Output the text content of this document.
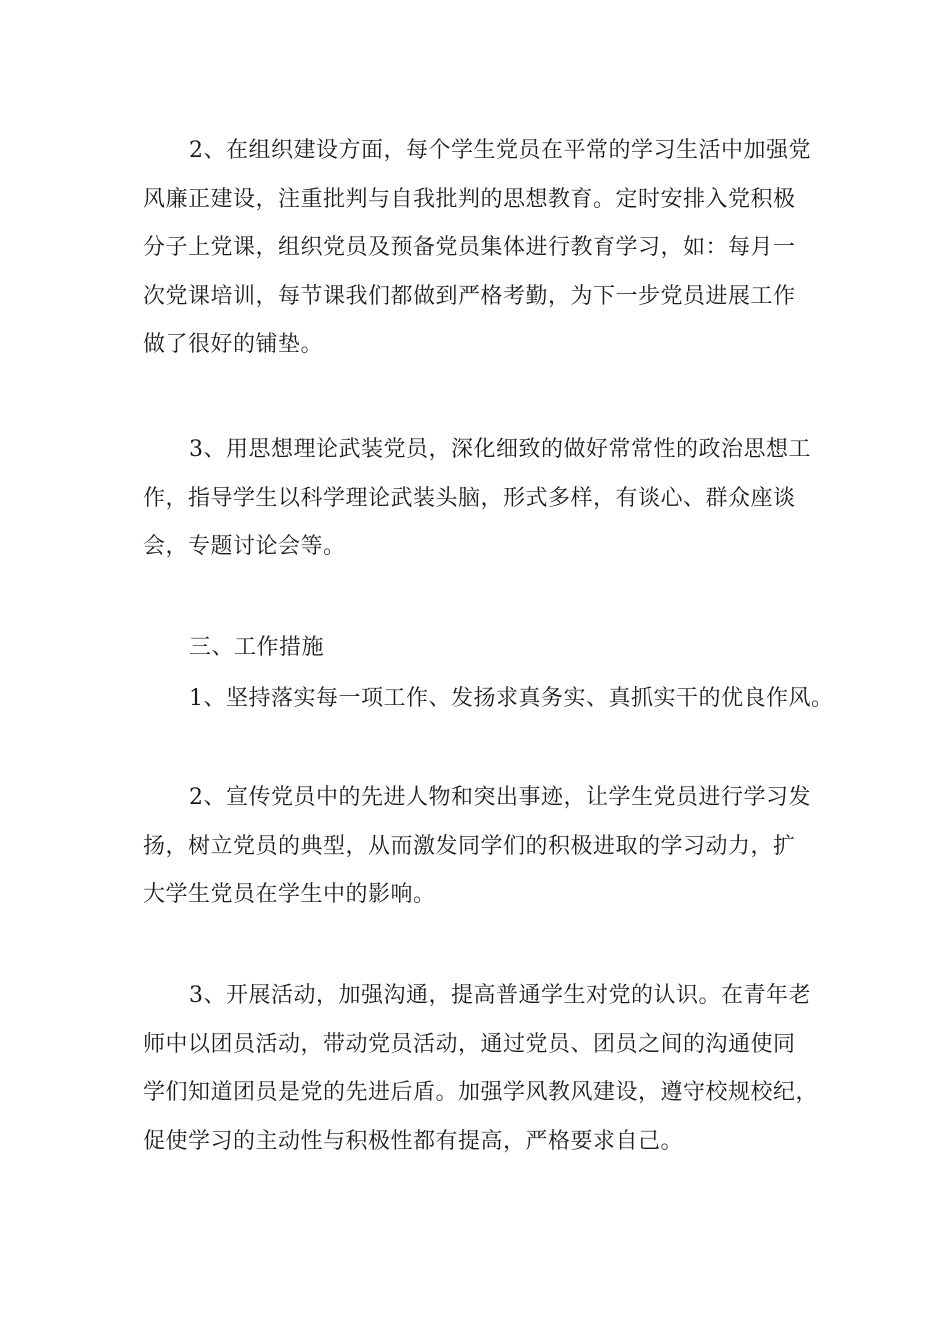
2、在组织建设方面，每个学生党员在平常的学习生活中加强党
风廉正建设，注重批判与自我批判的思想教育。定时安排入党积极
分子上党课，组织党员及预备党员集体进行教育学习，如：每月一
次党课培训，每节课我们都做到严格考勤，为下一步党员进展工作
做了很好的铺垫。

3、用思想理论武装党员，深化细致的做好常常性的政治思想工
作，指导学生以科学理论武装头脑，形式多样，有谈心、群众座谈
会，专题讨论会等。

三、工作措施

1、坚持落实每一项工作、发扬求真务实、真抓实干的优良作风。

2、宣传党员中的先进人物和突出事迹，让学生党员进行学习发
扬，树立党员的典型，从而激发同学们的积极进取的学习动力，扩
大学生党员在学生中的影响。

3、开展活动，加强沟通，提高普通学生对党的认识。在青年老
师中以团员活动，带动党员活动，通过党员、团员之间的沟通使同
学们知道团员是党的先进后盾。加强学风教风建设，遵守校规校纪，
促使学习的主动性与积极性都有提高，严格要求自己。
